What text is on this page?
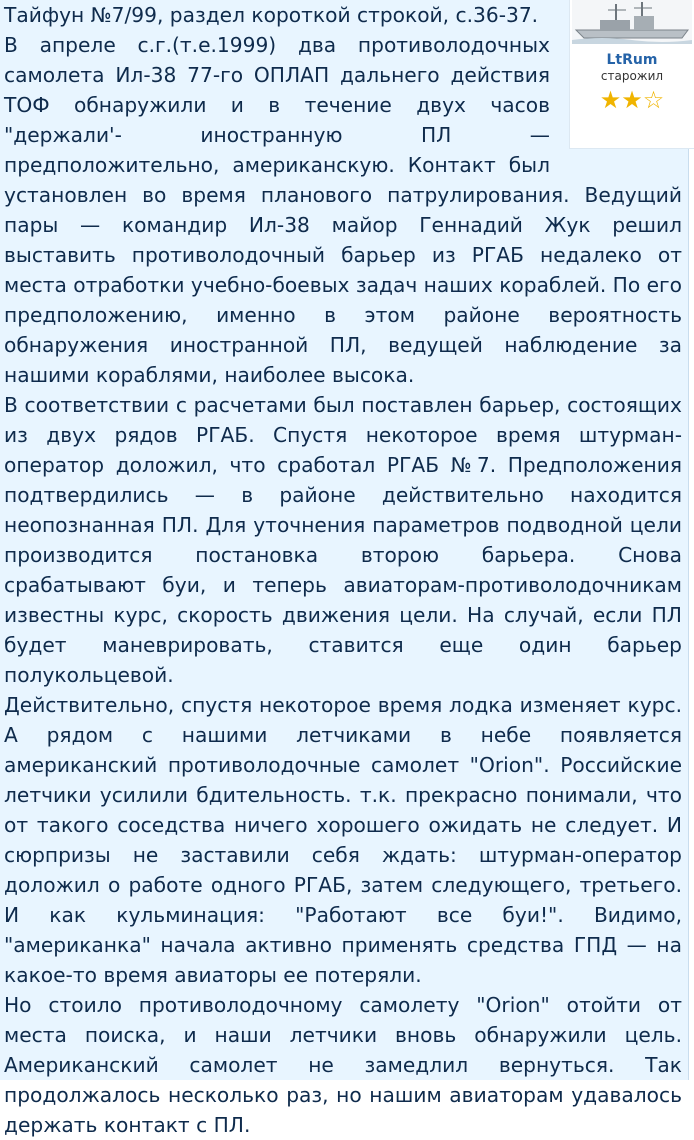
Тайфун №7/99, раздел короткой строкой, с.36-37.

В апреле с.г.(т.е.1999) два противолодочных самолета Ил-38 77-го ОПЛАП дальнего действия ТОФ обнаружили и в течение двух часов "держали'- иностранную ПЛ — предположительно, американскую. Контакт был установлен во время планового патрулирования. Ведущий пары — командир Ил-38 майор Геннадий Жук решил выставить противолодочный барьер из РГАБ недалеко от места отработки учебно-боевых задач наших кораблей. По его предположению, именно в этом районе вероятность обнаружения иностранной ПЛ, ведущей наблюдение за нашими кораблями, наиболее высока.

В соответствии с расчетами был поставлен барьер, состоящих из двух рядов РГАБ. Спустя некоторое время штурман-оператор доложил, что сработал РГАБ №7. Предположения подтвердились — в районе действительно находится неопознанная ПЛ. Для уточнения параметров подводной цели производится постановка второю барьера. Снова срабатывают буи, и теперь авиаторам-противолодочникам известны курс, скорость движения цели. На случай, если ПЛ будет маневрировать, ставится еще один барьер полукольцевой.

Действительно, спустя некоторое время лодка изменяет курс. А рядом с нашими летчиками в небе появляется американский противолодочные самолет "Orion". Российские летчики усилили бдительность. т.к. прекрасно понимали, что от такого соседства ничего хорошего ожидать не следует. И сюрпризы не заставили себя ждать: штурман-оператор доложил о работе одного РГАБ, затем следующего, третьего. И как кульминация: "Работают все буи!". Видимо, "американка" начала активно применять средства ГПД — на какое-то время авиаторы ее потеряли.

Но стоило противолодочному самолету "Orion" отойти от места поиска, и наши летчики вновь обнаружили цель. Американский самолет не замедлил вернуться. Так продолжалось несколько раз, но нашим авиаторам удавалось держать контакт с ПЛ.

LtRum
старожил
★★☆
